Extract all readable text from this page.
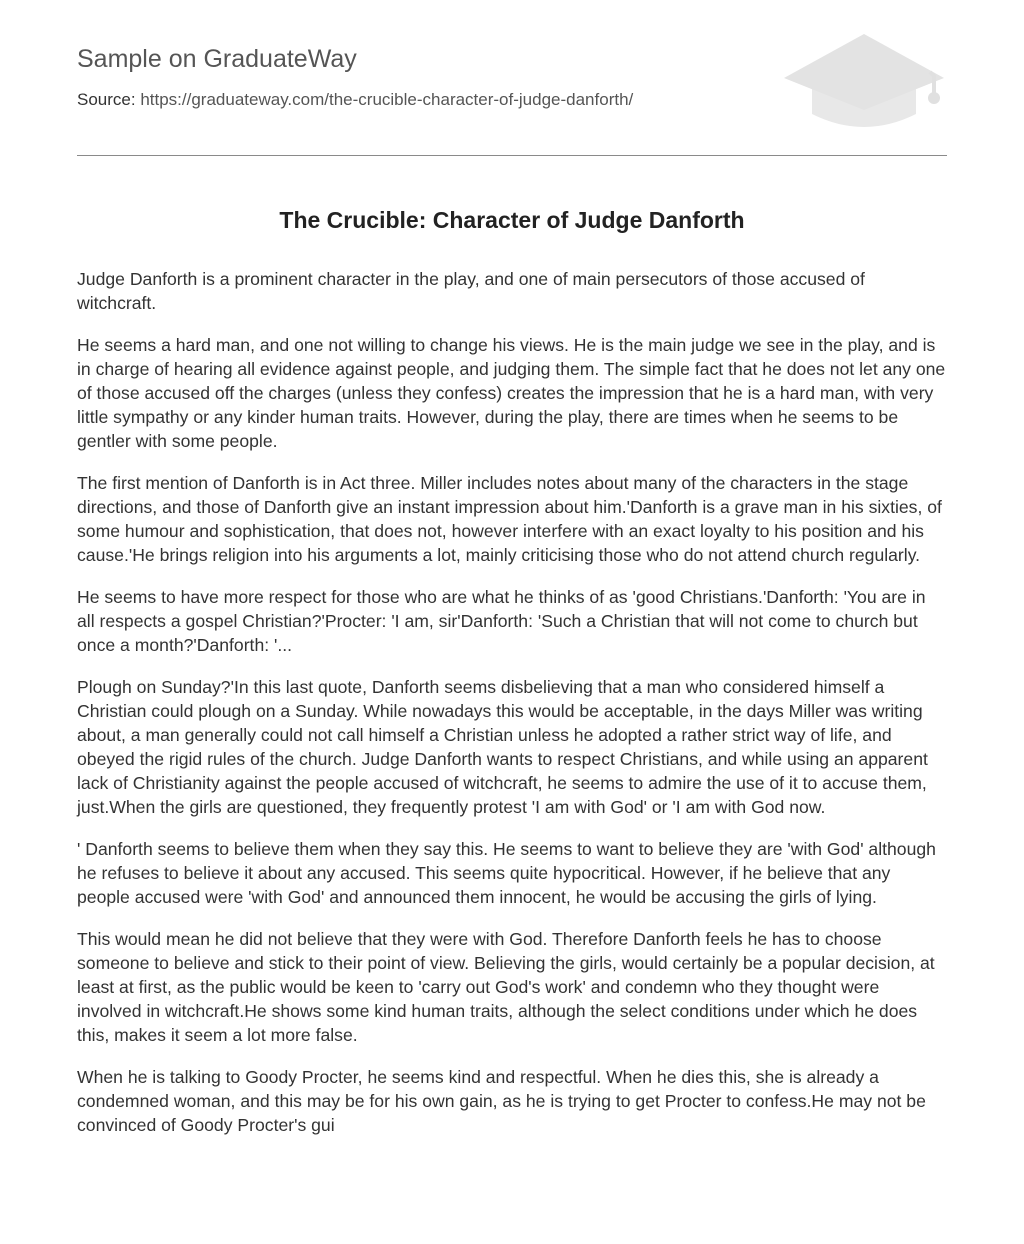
Sample on GraduateWay
Source: https://graduateway.com/the-crucible-character-of-judge-danforth/
The Crucible: Character of Judge Danforth

Judge Danforth is a prominent character in the play, and one of main persecutors of those accused of witchcraft.

He seems a hard man, and one not willing to change his views. He is the main judge we see in the play, and is in charge of hearing all evidence against people, and judging them. The simple fact that he does not let any one of those accused off the charges (unless they confess) creates the impression that he is a hard man, with very little sympathy or any kinder human traits. However, during the play, there are times when he seems to be gentler with some people.

The first mention of Danforth is in Act three. Miller includes notes about many of the characters in the stage directions, and those of Danforth give an instant impression about him.'Danforth is a grave man in his sixties, of some humour and sophistication, that does not, however interfere with an exact loyalty to his position and his cause.'He brings religion into his arguments a lot, mainly criticising those who do not attend church regularly.

He seems to have more respect for those who are what he thinks of as 'good Christians.'Danforth: 'You are in all respects a gospel Christian?'Procter: 'I am, sir'Danforth: 'Such a Christian that will not come to church but once a month?'Danforth: '...

Plough on Sunday?'In this last quote, Danforth seems disbelieving that a man who considered himself a Christian could plough on a Sunday. While nowadays this would be acceptable, in the days Miller was writing about, a man generally could not call himself a Christian unless he adopted a rather strict way of life, and obeyed the rigid rules of the church. Judge Danforth wants to respect Christians, and while using an apparent lack of Christianity against the people accused of witchcraft, he seems to admire the use of it to accuse them, just.When the girls are questioned, they frequently protest 'I am with God' or 'I am with God now.

' Danforth seems to believe them when they say this. He seems to want to believe they are 'with God' although he refuses to believe it about any accused. This seems quite hypocritical. However, if he believe that any people accused were 'with God' and announced them innocent, he would be accusing the girls of lying.

This would mean he did not believe that they were with God. Therefore Danforth feels he has to choose someone to believe and stick to their point of view. Believing the girls, would certainly be a popular decision, at least at first, as the public would be keen to 'carry out God's work' and condemn who they thought were involved in witchcraft.He shows some kind human traits, although the select conditions under which he does this, makes it seem a lot more false.

When he is talking to Goody Procter, he seems kind and respectful. When he dies this, she is already a condemned woman, and this may be for his own gain, as he is trying to get Procter to confess.He may not be convinced of Goody Procter's gui
